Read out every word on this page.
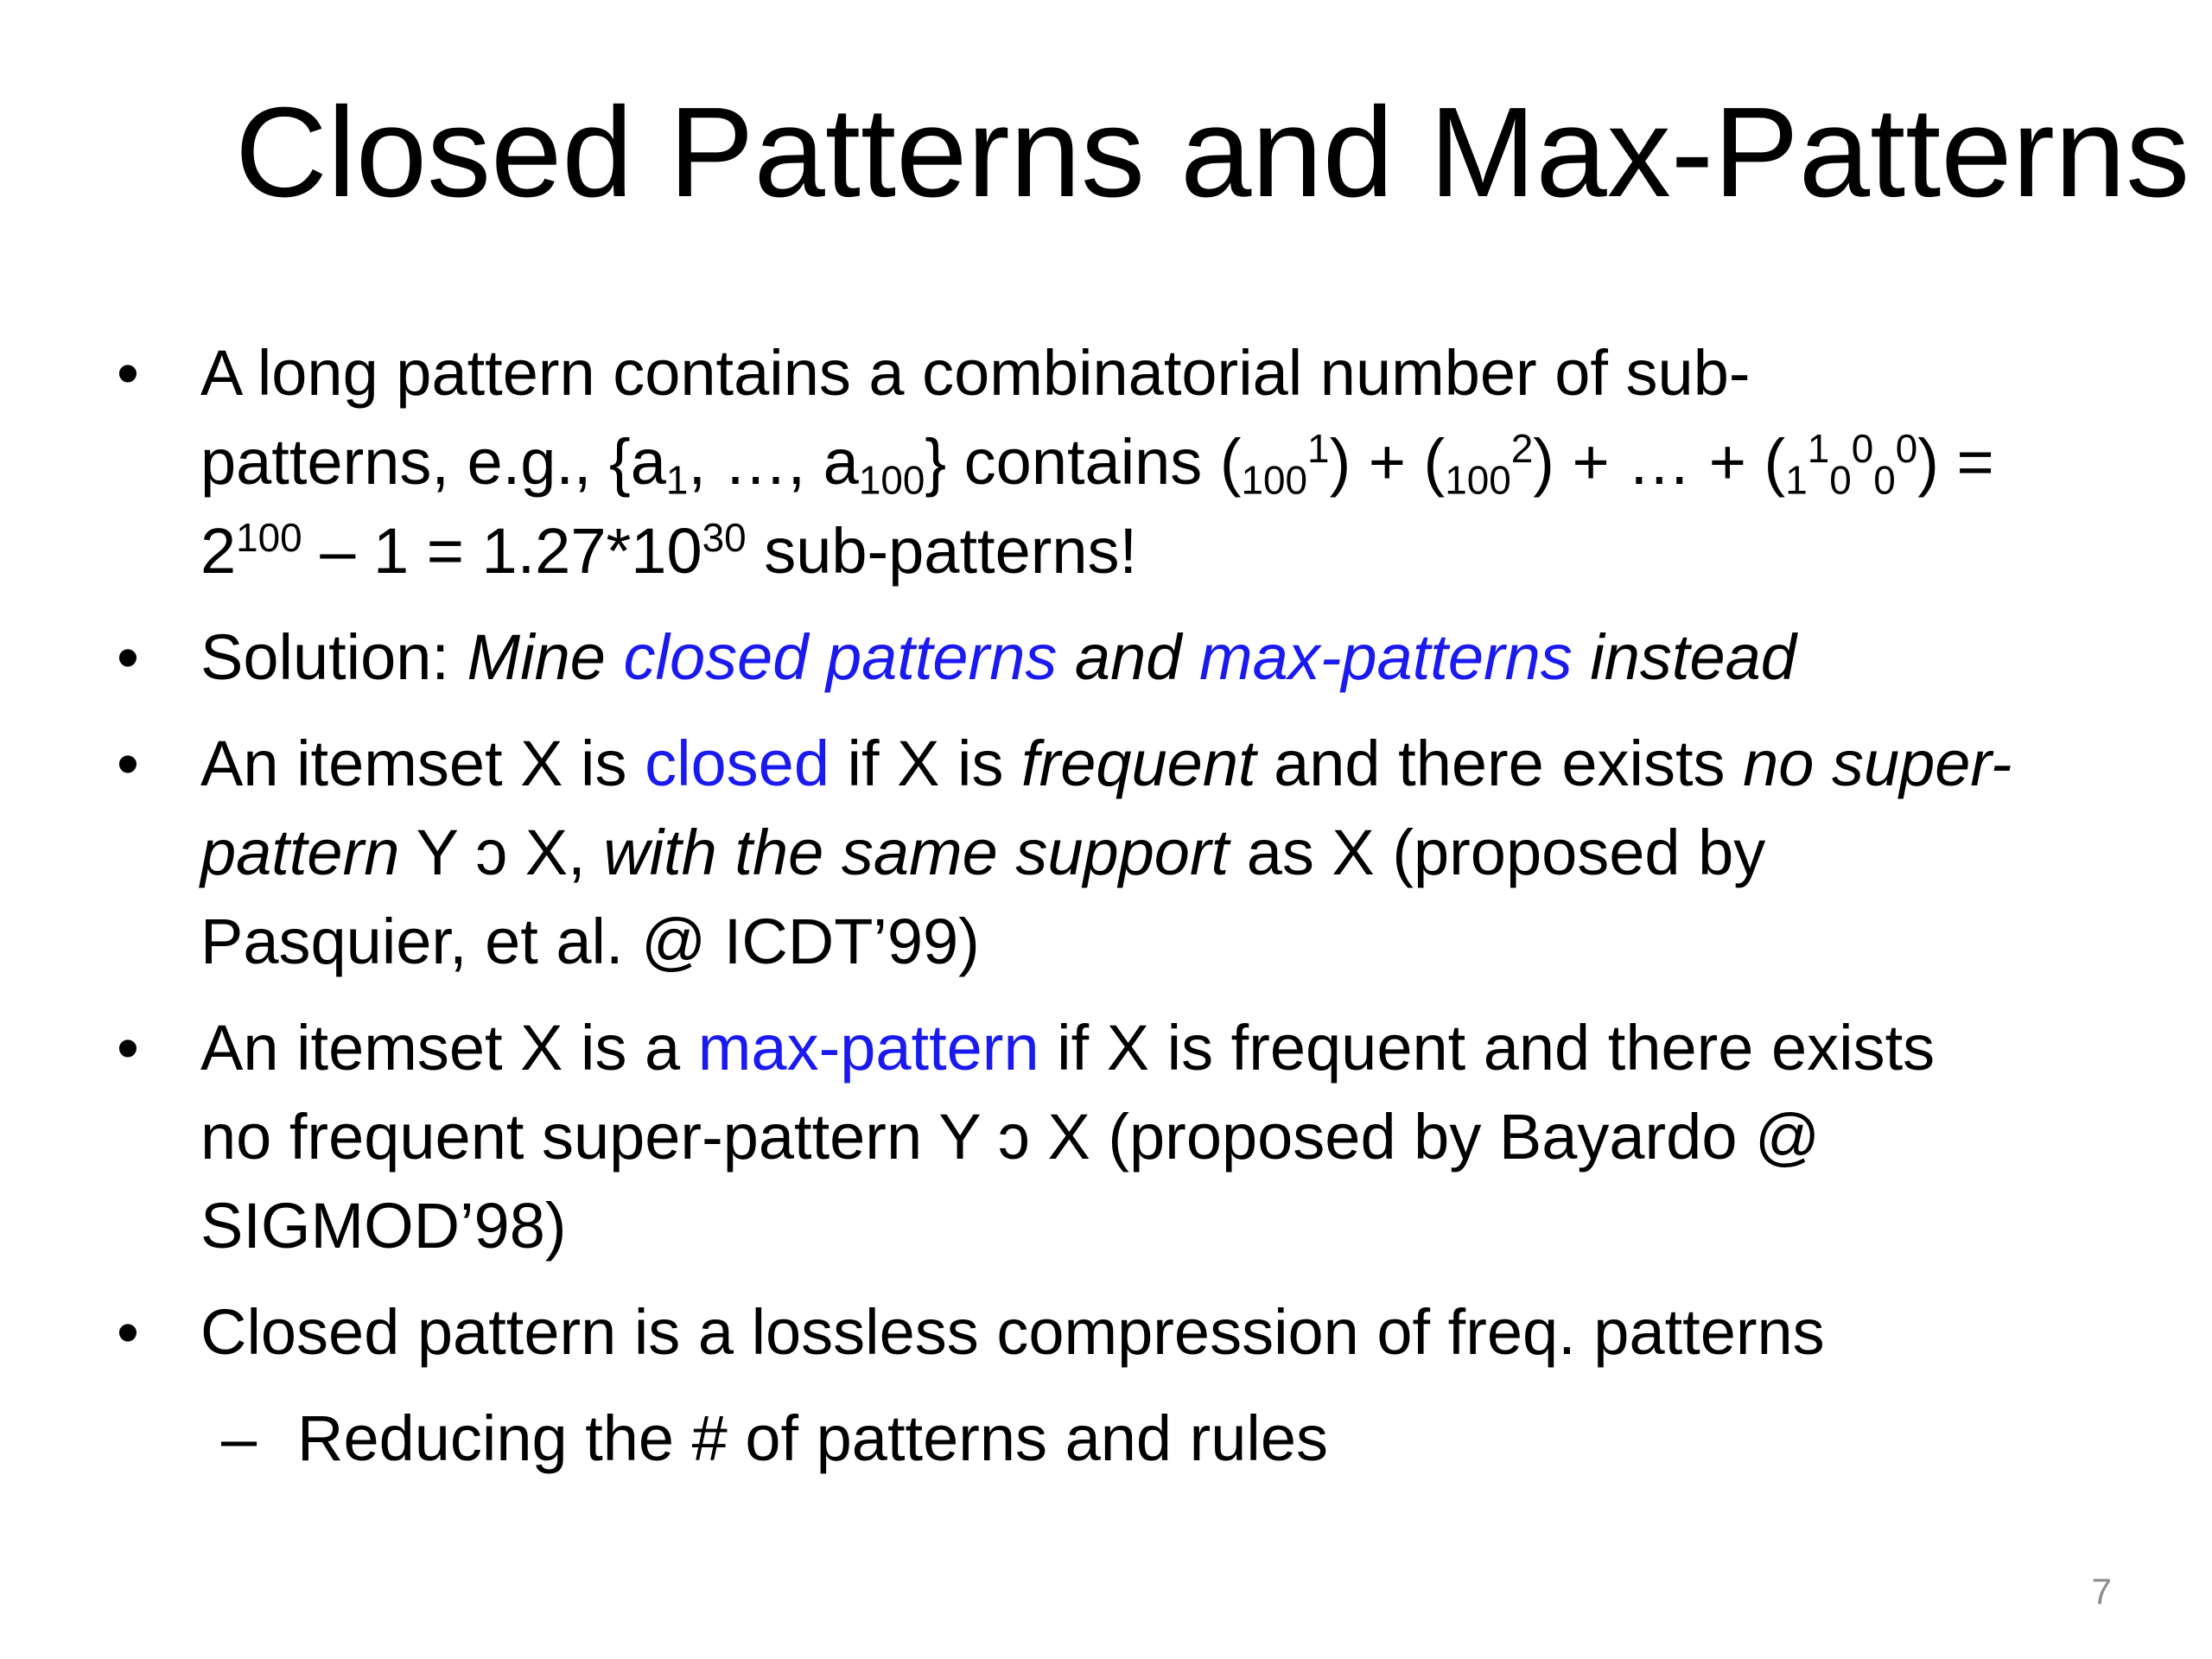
Closed Patterns and Max-Patterns
• A long pattern contains a combinatorial number of sub-
patterns, e.g., {$a_1$, …, $a_{100}$} contains $(_{100}^1) + (_{100}^2)$ + … + $(_1^1_0^0_0^0)$ =
$2^{100} - 1 = 1.27*10^{30}$ sub-patterns!
• Solution: Mine closed patterns and max-patterns instead
• An itemset X is closed if X is frequent and there exists no super-
pattern Y ɔ X, with the same support as X (proposed by
Pasquier, et al. @ ICDT’99)
• An itemset X is a max-pattern if X is frequent and there exists
no frequent super-pattern Y ɔ X (proposed by Bayardo @
SIGMOD’98)
• Closed pattern is a lossless compression of freq. patterns
– Reducing the # of patterns and rules
7
